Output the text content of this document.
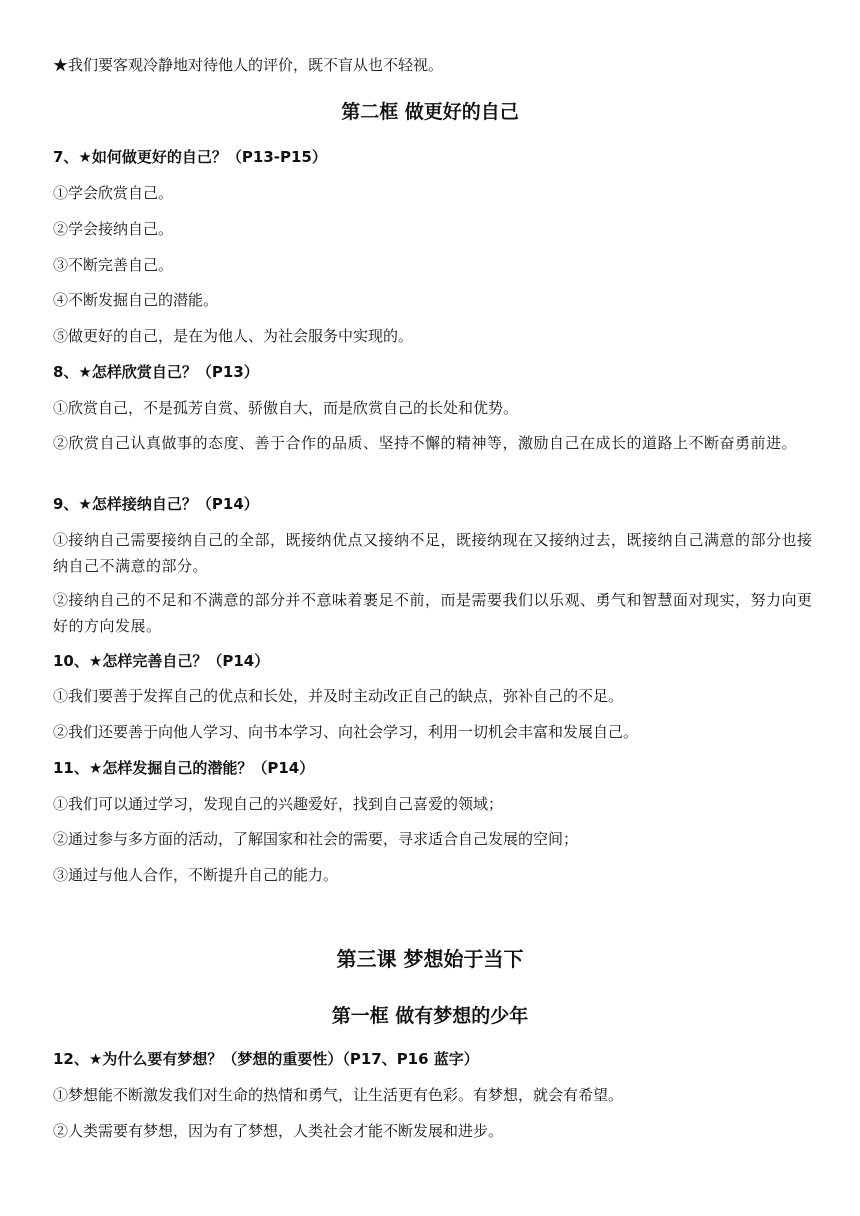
★我们要客观冷静地对待他人的评价，既不盲从也不轻视。
第二框 做更好的自己
7、★如何做更好的自己？（P13-P15）
①学会欣赏自己。
②学会接纳自己。
③不断完善自己。
④不断发掘自己的潜能。
⑤做更好的自己，是在为他人、为社会服务中实现的。
8、★怎样欣赏自己？（P13）
①欣赏自己，不是孤芳自赏、骄傲自大，而是欣赏自己的长处和优势。
②欣赏自己认真做事的态度、善于合作的品质、坚持不懈的精神等，激励自己在成长的道路上不断奋勇前进。
9、★怎样接纳自己？（P14）
①接纳自己需要接纳自己的全部，既接纳优点又接纳不足，既接纳现在又接纳过去，既接纳自己满意的部分也接纳自己不满意的部分。
②接纳自己的不足和不满意的部分并不意味着裹足不前，而是需要我们以乐观、勇气和智慧面对现实，努力向更好的方向发展。
10、★怎样完善自己？（P14）
①我们要善于发挥自己的优点和长处，并及时主动改正自己的缺点，弥补自己的不足。
②我们还要善于向他人学习、向书本学习、向社会学习，利用一切机会丰富和发展自己。
11、★怎样发掘自己的潜能？（P14）
①我们可以通过学习，发现自己的兴趣爱好，找到自己喜爱的领域；
②通过参与多方面的活动，了解国家和社会的需要，寻求适合自己发展的空间；
③通过与他人合作，不断提升自己的能力。
第三课 梦想始于当下
第一框 做有梦想的少年
12、★为什么要有梦想？（梦想的重要性）（P17、P16 蓝字）
①梦想能不断激发我们对生命的热情和勇气，让生活更有色彩。有梦想，就会有希望。
②人类需要有梦想，因为有了梦想，人类社会才能不断发展和进步。
